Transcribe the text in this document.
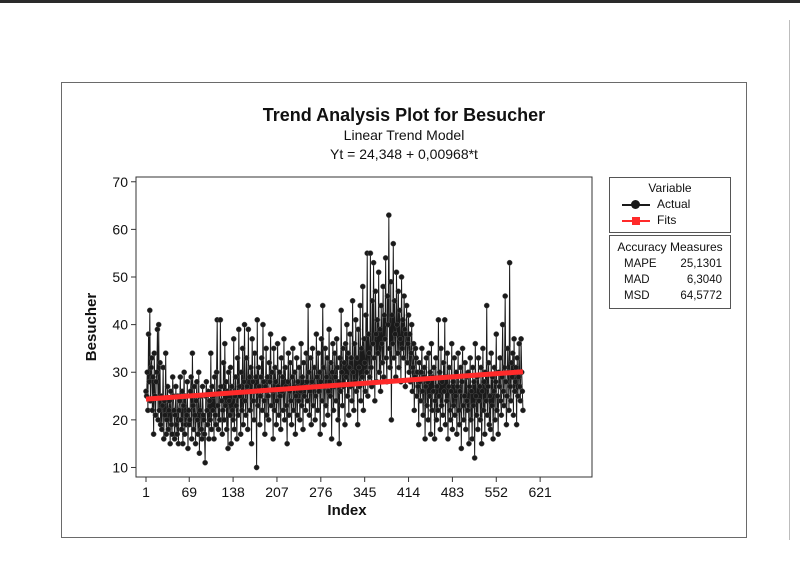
Trend Analysis Plot for Besucher
Linear Trend Model
Yt = 24,348 + 0,00968*t
10
20
30
40
50
60
70
1 69 138 207 276 345 414 483 552 621
Index
Besucher
Variable
Actual
Fits
Accuracy Measures
MAPE 25,1301
MAD	6,3040
MSD	64,5772
